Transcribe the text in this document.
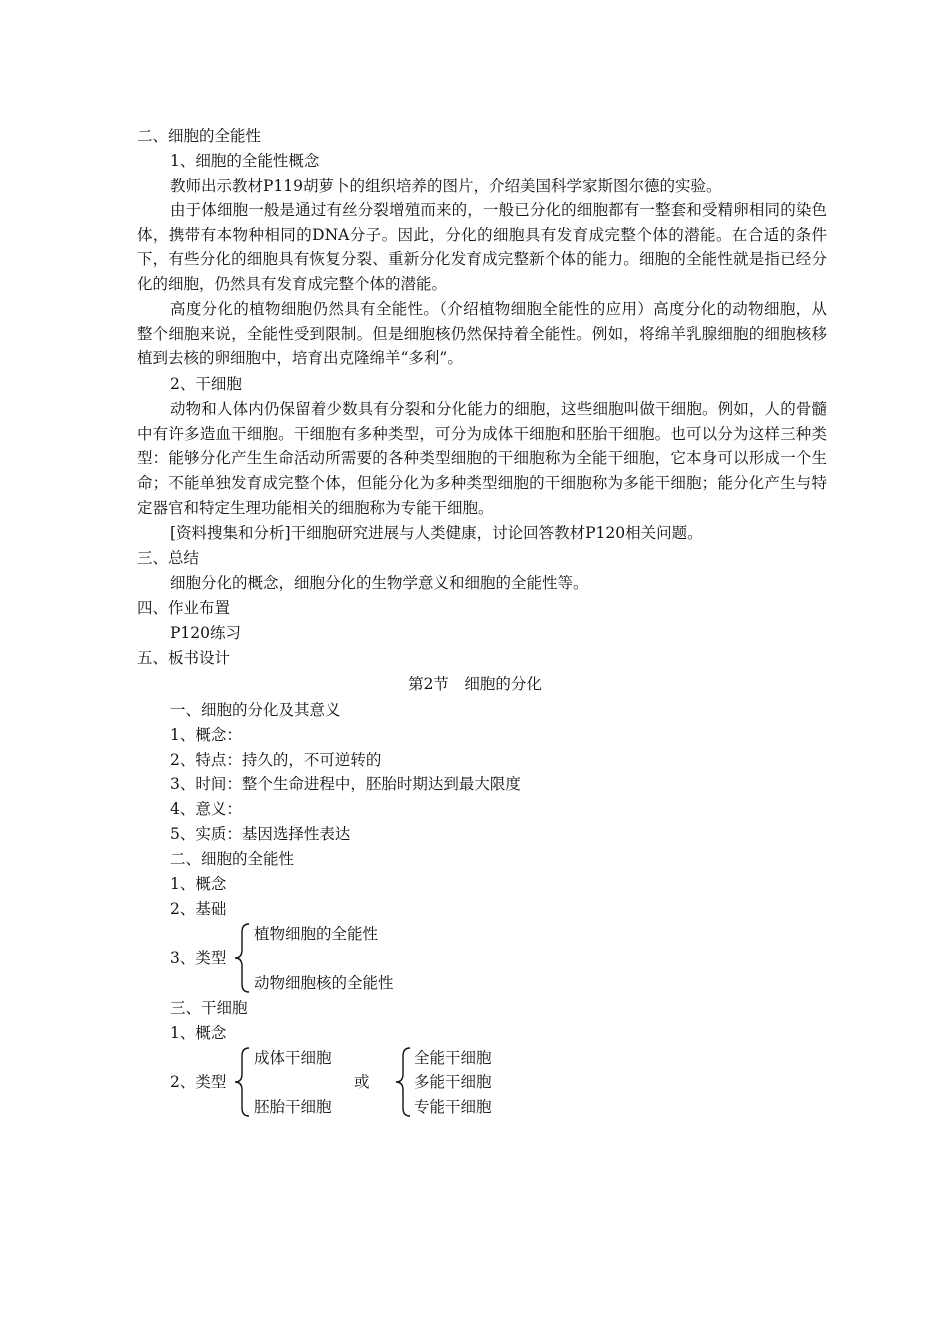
二、细胞的全能性

1、细胞的全能性概念

教师出示教材P119胡萝卜的组织培养的图片，介绍美国科学家斯图尔德的实验。

由于体细胞一般是通过有丝分裂增殖而来的，一般已分化的细胞都有一整套和受精卵相同的染色体，携带有本物种相同的DNA分子。因此，分化的细胞具有发育成完整个体的潜能。在合适的条件下，有些分化的细胞具有恢复分裂、重新分化发育成完整新个体的能力。细胞的全能性就是指已经分化的细胞，仍然具有发育成完整个体的潜能。

高度分化的植物细胞仍然具有全能性。（介绍植物细胞全能性的应用）高度分化的动物细胞，从整个细胞来说，全能性受到限制。但是细胞核仍然保持着全能性。例如，将绵羊乳腺细胞的细胞核移植到去核的卵细胞中，培育出克隆绵羊“多利”。

2、干细胞

动物和人体内仍保留着少数具有分裂和分化能力的细胞，这些细胞叫做干细胞。例如，人的骨髓中有许多造血干细胞。干细胞有多种类型，可分为成体干细胞和胚胎干细胞。也可以分为这样三种类型：能够分化产生生命活动所需要的各种类型细胞的干细胞称为全能干细胞，它本身可以形成一个生命；不能单独发育成完整个体，但能分化为多种类型细胞的干细胞称为多能干细胞；能分化产生与特定器官和特定生理功能相关的细胞称为专能干细胞。

[资料搜集和分析]干细胞研究进展与人类健康，讨论回答教材P120相关问题。

三、总结

细胞分化的概念，细胞分化的生物学意义和细胞的全能性等。

四、作业布置

P120练习

五、板书设计

第2节　细胞的分化

一、细胞的分化及其意义

1、概念：

2、特点：持久的，不可逆转的

3、时间：整个生命进程中，胚胎时期达到最大限度

4、意义：

5、实质：基因选择性表达

二、细胞的全能性

1、概念

2、基础

3、类型

植物细胞的全能性

动物细胞核的全能性

三、干细胞

1、概念

2、类型

成体干细胞

胚胎干细胞

或

全能干细胞

多能干细胞

专能干细胞
